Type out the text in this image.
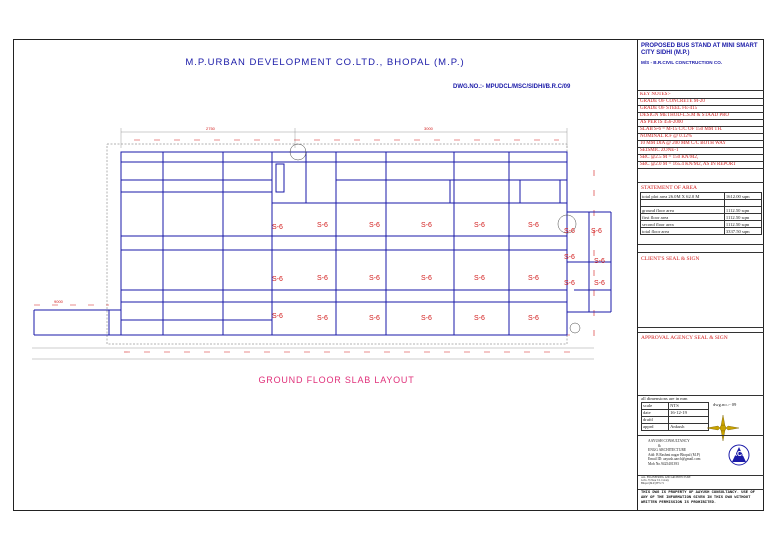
M.P.URBAN DEVELOPMENT CO.LTD., BHOPAL (M.P.)
DWG.NO.:- MPUDCL/MSC/SIDHI/B.R.C/09
2750	3000
9000
S-6	S-6	S-6	S-6	S-6	S-6
S-6 S-6
S-6	S-6	S-6	S-6	S-6	S-6
S-6
S-6
S-6	S-6
S-6	S-6	S-6	S-6	S-6	S-6
GROUND FLOOR SLAB LAYOUT
PROPOSED BUS STAND AT MINI SMART CITY SIDHI (M.P.)
M/S - B.R.CIVIL CONCTRUCTION CO.
KEY NOTES:-
GRADE OF CONCRETE M-20
GRADE OF STEEL FE-415
DESIGN METHOD-L.S.M & STAAD PRO
AS PER IS 456-2000
SLAB S-6 = M-15 C/C OF 150 MM TH.
NOMINAL R.F @ 0.12%
10 MM DIA @ 200 MM C/C BOTH WAY
SEISMIC ZONE-1
SBC @2.5 M = 150 KN/M2,
SBC @2.0 M = 165.4 KN/M2, AS IN REPORT
STATEMENT OF AREA
total plot area 26.0M X 62.0 M	1612.00 sqm

ground floor area	1112.50 sqm
first floor area	1112.50 sqm
second floor area	1112.50 sqm
total floor area	3337.50 sqm
CLIENT'S SEAL & SIGN
APPROVAL AGENCY SEAL & SIGN
all dimensions are in mm
scale	NTS
date	16-12-19
drafd	
apprd	Ankush
dwg.no.:- 09
AAYUSH CONSULTANCY
&
ENGG ARCHITECTURE
Add: B Rashmi nagar Bhopal (M.P)
Email ID: aayush.aarch@gmail.com
Mob No.9425401393
ACI
A.K. ENGINEERING AND ARCHITECTURE
G.No. 55 Near J.S. Colony
Bhopal (M.P.) B+G+1
THIS DWG IS PROPERTY OF AAYUSH CONSULTANCY. USE OF ANY OF THE INFORMATION GIVEN IN THIS DWG WITHOUT WRITTEN PERMISSION IS PROHIBITED.
